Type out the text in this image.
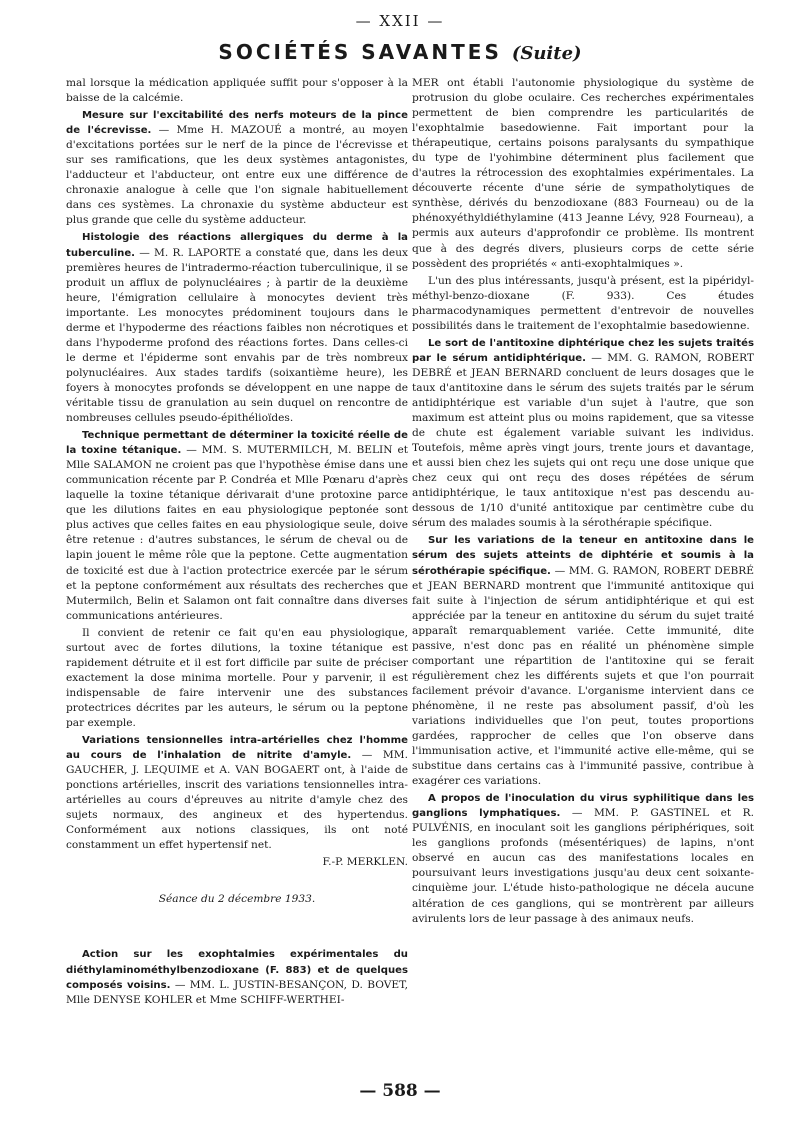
— XXII —
SOCIÉTÉS SAVANTES (Suite)

mal lorsque la médication appliquée suffit pour s'opposer à la baisse de la calcémie.

Mesure sur l'excitabilité des nerfs moteurs de la pince de l'écrevisse. — Mme H. MAZOUÉ a montré, au moyen d'excitations portées sur le nerf de la pince de l'écrevisse et sur ses ramifications, que les deux systèmes antagonistes, l'adducteur et l'abducteur, ont entre eux une différence de chronaxie analogue à celle que l'on signale habituellement dans ces systèmes. La chronaxie du système abducteur est plus grande que celle du système adducteur.

Histologie des réactions allergiques du derme à la tuberculine. — M. R. LAPORTE a constaté que, dans les deux premières heures de l'intradermo-réaction tuberculinique, il se produit un afflux de polynucléaires ; à partir de la deuxième heure, l'émigration cellulaire à monocytes devient très importante. Les monocytes prédominent toujours dans le derme et l'hypoderme des réactions faibles non nécrotiques et dans l'hypoderme profond des réactions fortes. Dans celles-ci le derme et l'épiderme sont envahis par de très nombreux polynucléaires. Aux stades tardifs (soixantième heure), les foyers à monocytes profonds se développent en une nappe de véritable tissu de granulation au sein duquel on rencontre de nombreuses cellules pseudo-épithélioïdes.

Technique permettant de déterminer la toxicité réelle de la toxine tétanique. — MM. S. MUTERMILCH, M. BELIN et Mlle SALAMON ne croient pas que l'hypothèse émise dans une communication récente par P. Condréa et Mlle Pœnaru d'après laquelle la toxine tétanique dérivarait d'une protoxine parce que les dilutions faites en eau physiologique peptonée sont plus actives que celles faites en eau physiologique seule, doive être retenue : d'autres substances, le sérum de cheval ou de lapin jouent le même rôle que la peptone. Cette augmentation de toxicité est due à l'action protectrice exercée par le sérum et la peptone conformément aux résultats des recherches que Mutermilch, Belin et Salamon ont fait connaître dans diverses communications antérieures.

Il convient de retenir ce fait qu'en eau physiologique, surtout avec de fortes dilutions, la toxine tétanique est rapidement détruite et il est fort difficile par suite de préciser exactement la dose minima mortelle. Pour y parvenir, il est indispensable de faire intervenir une des substances protectrices décrites par les auteurs, le sérum ou la peptone par exemple.

Variations tensionnelles intra-artérielles chez l'homme au cours de l'inhalation de nitrite d'amyle. — MM. GAUCHER, J. LEQUIME et A. VAN BOGAERT ont, à l'aide de ponctions artérielles, inscrit des variations tensionnelles intra-artérielles au cours d'épreuves au nitrite d'amyle chez des sujets normaux, des angineux et des hypertendus. Conformément aux notions classiques, ils ont noté constamment un effet hypertensif net.

F.-P. MERKLEN.

Séance du 2 décembre 1933.

Action sur les exophtalmies expérimentales du diéthylaminométhylbenzodioxane (F. 883) et de quelques composés voisins. — MM. L. JUSTIN-BESANÇON, D. BOVET, Mlle DENYSE KOHLER et Mme SCHIFF-WERTHEI-

MER ont établi l'autonomie physiologique du système de protrusion du globe oculaire. Ces recherches expérimentales permettent de bien comprendre les particularités de l'exophtalmie basedowienne. Fait important pour la thérapeutique, certains poisons paralysants du sympathique du type de l'yohimbine déterminent plus facilement que d'autres la rétrocession des exophtalmies expérimentales. La découverte récente d'une série de sympatholytiques de synthèse, dérivés du benzodioxane (883 Fourneau) ou de la phénoxyéthyldiéthylamine (413 Jeanne Lévy, 928 Fourneau), a permis aux auteurs d'approfondir ce problème. Ils montrent que à des degrés divers, plusieurs corps de cette série possèdent des propriétés « anti-exophtalmiques ».

L'un des plus intéressants, jusqu'à présent, est la pipéridyl-méthyl-benzo-dioxane (F. 933). Ces études pharmacodynamiques permettent d'entrevoir de nouvelles possibilités dans le traitement de l'exophtalmie basedowienne.

Le sort de l'antitoxine diphtérique chez les sujets traités par le sérum antidiphtérique. — MM. G. RAMON, ROBERT DEBRÉ et JEAN BERNARD concluent de leurs dosages que le taux d'antitoxine dans le sérum des sujets traités par le sérum antidiphtérique est variable d'un sujet à l'autre, que son maximum est atteint plus ou moins rapidement, que sa vitesse de chute est également variable suivant les individus. Toutefois, même après vingt jours, trente jours et davantage, et aussi bien chez les sujets qui ont reçu une dose unique que chez ceux qui ont reçu des doses répétées de sérum antidiphtérique, le taux antitoxique n'est pas descendu au-dessous de 1/10 d'unité antitoxique par centimètre cube du sérum des malades soumis à la sérothérapie spécifique.

Sur les variations de la teneur en antitoxine dans le sérum des sujets atteints de diphtérie et soumis à la sérothérapie spécifique. — MM. G. RAMON, ROBERT DEBRÉ et JEAN BERNARD montrent que l'immunité antitoxique qui fait suite à l'injection de sérum antidiphtérique et qui est appréciée par la teneur en antitoxine du sérum du sujet traité apparaît remarquablement variée. Cette immunité, dite passive, n'est donc pas en réalité un phénomène simple comportant une répartition de l'antitoxine qui se ferait régulièrement chez les différents sujets et que l'on pourrait facilement prévoir d'avance. L'organisme intervient dans ce phénomène, il ne reste pas absolument passif, d'où les variations individuelles que l'on peut, toutes proportions gardées, rapprocher de celles que l'on observe dans l'immunisation active, et l'immunité active elle-même, qui se substitue dans certains cas à l'immunité passive, contribue à exagérer ces variations.

A propos de l'inoculation du virus syphilitique dans les ganglions lymphatiques. — MM. P. GASTINEL et R. PULVÉNIS, en inoculant soit les ganglions périphériques, soit les ganglions profonds (mésentériques) de lapins, n'ont observé en aucun cas des manifestations locales en poursuivant leurs investigations jusqu'au deux cent soixante-cinquième jour. L'étude histo-pathologique ne décela aucune altération de ces ganglions, qui se montrèrent par ailleurs avirulents lors de leur passage à des animaux neufs.

— 588 —
